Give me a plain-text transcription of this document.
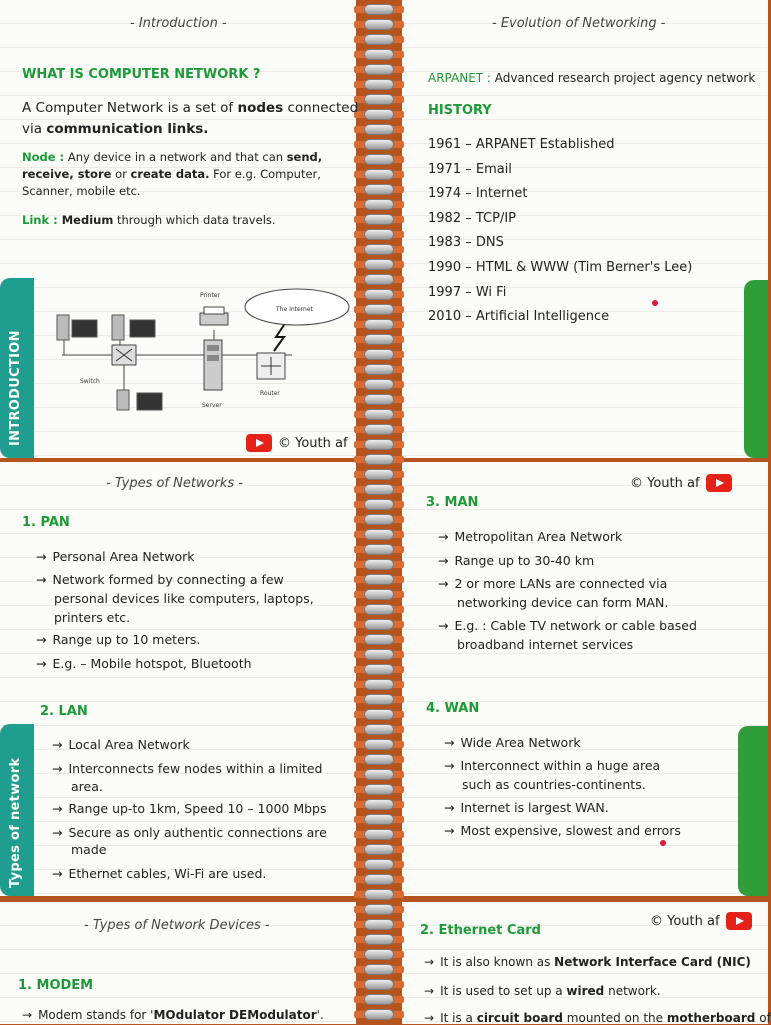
- Introduction -
WHAT IS COMPUTER NETWORK ?
A Computer Network is a set of nodes connected
via communication links.
Node : Any device in a network and that can send,
receive, store or create data. For e.g. Computer,
Scanner, mobile etc.
Link : Medium through which data travels.
INTRODUCTION	Switch
Printer
Server
Router
The Internet
© Youth af
- Evolution of Networking -
ARPANET : Advanced research project agency network
HISTORY
1961 – ARPANET Established
1971 – Email
1974 – Internet
1982 – TCP/IP
1983 – DNS
1990 – HTML & WWW (Tim Berner's Lee)
1997 – Wi Fi
2010 – Artificial Intelligence
- Types of Networks -
1. PAN
→ Personal Area Network
→ Network formed by connecting a few
personal devices like computers, laptops,
printers etc.
→ Range up to 10 meters.
→ E.g. – Mobile hotspot, Bluetooth
2. LAN
→ Local Area Network
→ Interconnects few nodes within a limited
area.
→ Range up-to 1km, Speed 10 – 1000 Mbps
→ Secure as only authentic connections are
made
→ Ethernet cables, Wi-Fi are used.
Types of network
© Youth af
3. MAN
→ Metropolitan Area Network
→ Range up to 30-40 km
→ 2 or more LANs are connected via
networking device can form MAN.
→ E.g. : Cable TV network or cable based
broadband internet services
4. WAN
→ Wide Area Network
→ Interconnect within a huge area
such as countries-continents.
→ Internet is largest WAN.
→ Most expensive, slowest and errors
- Types of Network Devices -
1. MODEM
→ Modem stands for 'MOdulator DEModulator'.
© Youth af
2. Ethernet Card
→ It is also known as Network Interface Card (NIC)
→ It is used to set up a wired network.
→ It is a circuit board mounted on the motherboard of
